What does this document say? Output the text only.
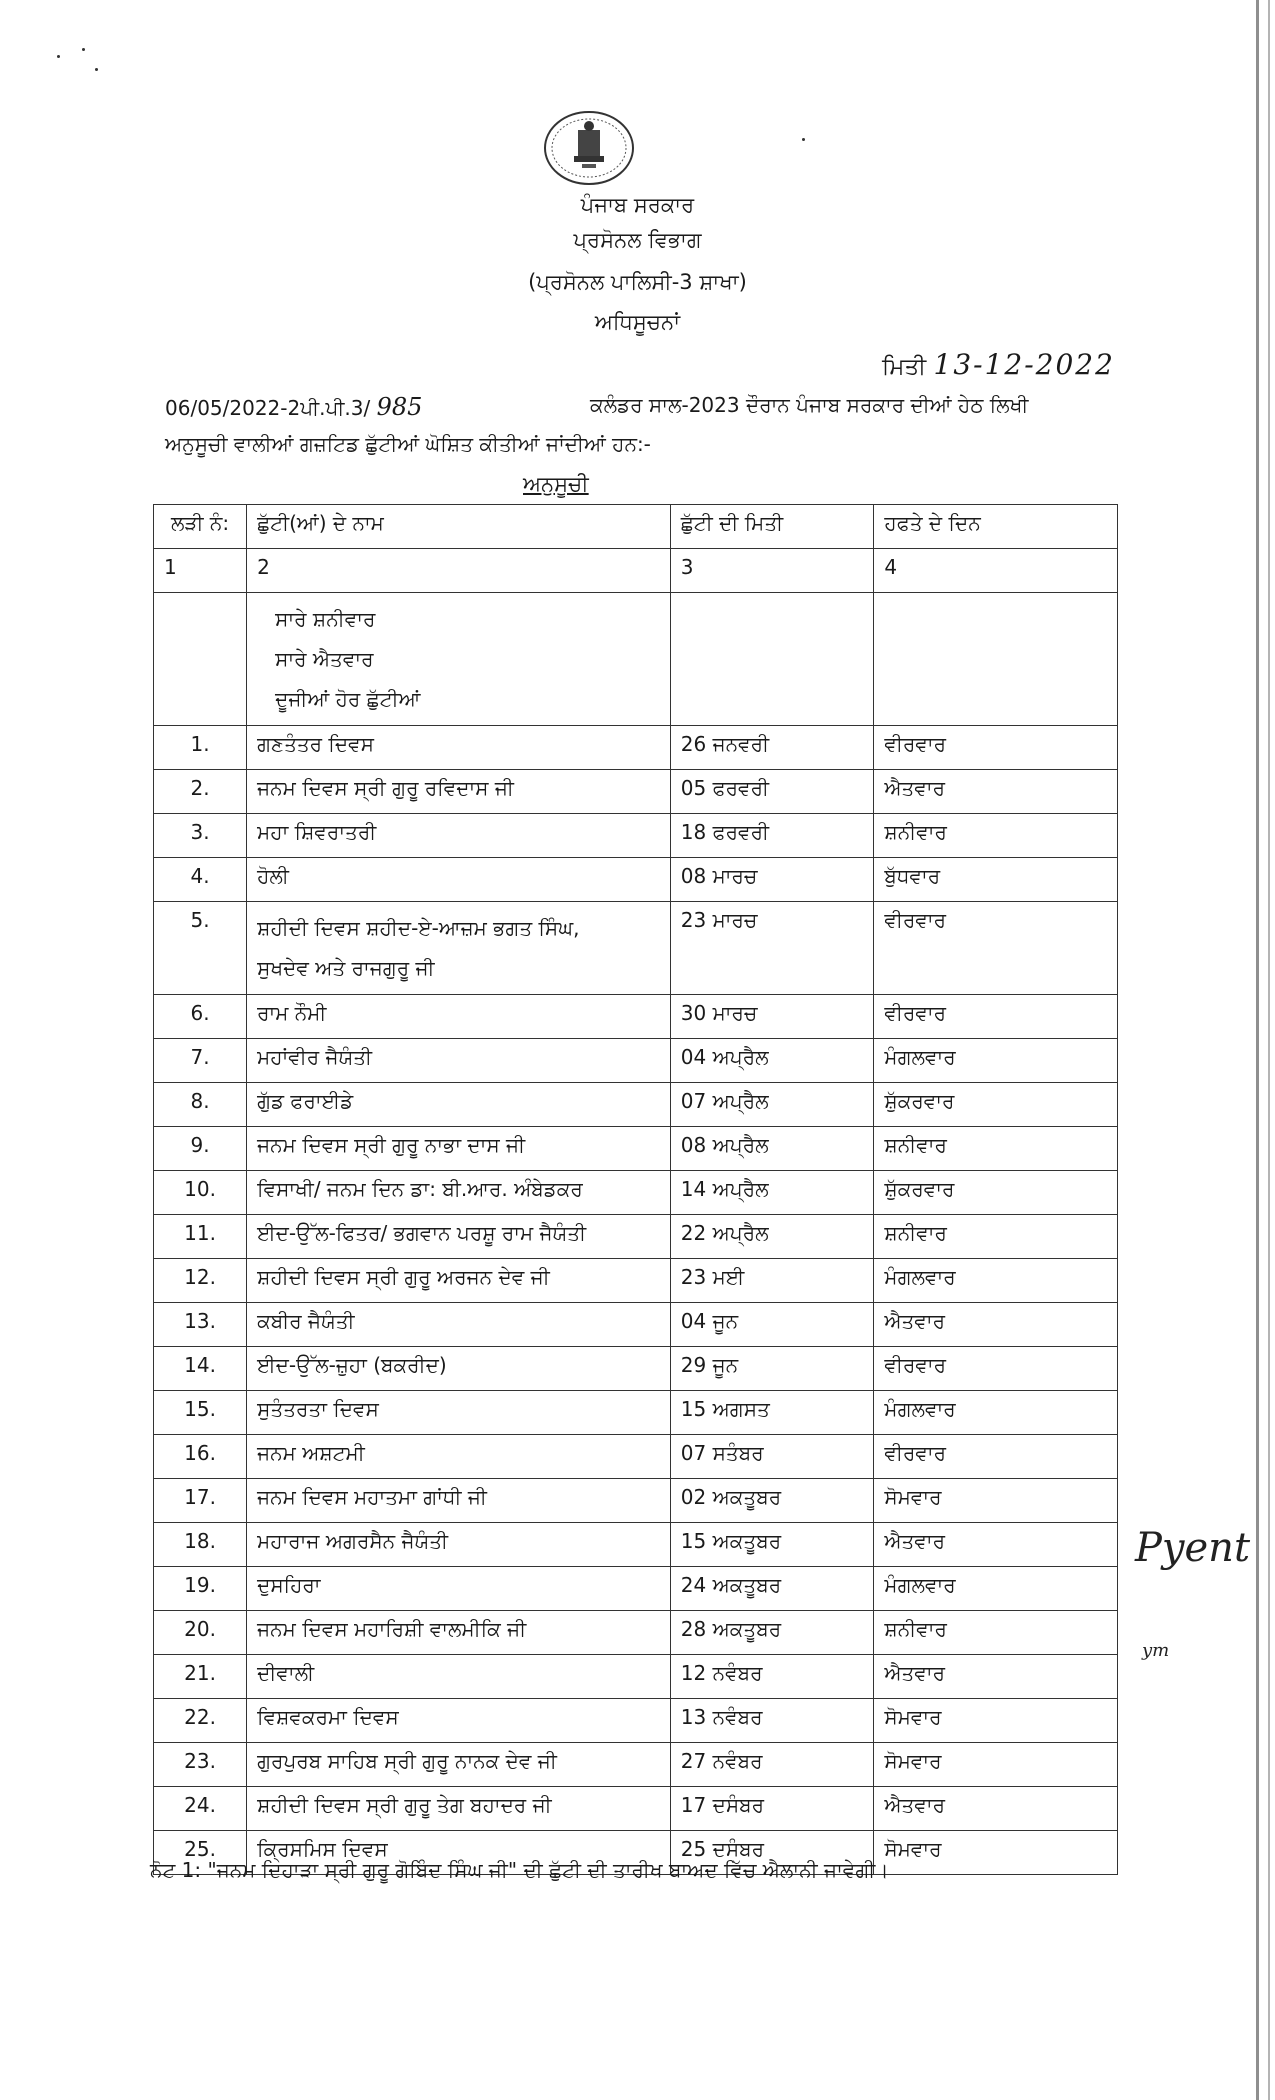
ਪੰਜਾਬ ਸਰਕਾਰ
ਪ੍ਰਸੋਨਲ ਵਿਭਾਗ
(ਪ੍ਰਸੋਨਲ ਪਾਲਿਸੀ-3 ਸ਼ਾਖਾ)
ਅਧਿਸੂਚਨਾਂ
ਮਿਤੀ 13-12-2022
06/05/2022-2ਪੀ.ਪੀ.3/ 985	ਕਲੰਡਰ ਸਾਲ-2023 ਦੌਰਾਨ ਪੰਜਾਬ ਸਰਕਾਰ ਦੀਆਂ ਹੇਠ ਲਿਖੀ
ਅਨੁਸੂਚੀ ਵਾਲੀਆਂ ਗਜ਼ਟਿਡ ਛੁੱਟੀਆਂ ਘੋਸ਼ਿਤ ਕੀਤੀਆਂ ਜਾਂਦੀਆਂ ਹਨ:-
ਅਨੁਸੂਚੀ
ਲੜੀ ਨੰ:	ਛੁੱਟੀ(ਆਂ) ਦੇ ਨਾਮ	ਛੁੱਟੀ ਦੀ ਮਿਤੀ	ਹਫਤੇ ਦੇ ਦਿਨ
1	2	3	4

	ਸਾਰੇ ਸ਼ਨੀਵਾਰ
ਸਾਰੇ ਐਤਵਾਰ
ਦੂਜੀਆਂ ਹੋਰ ਛੁੱਟੀਆਂ		

1.	ਗਣਤੰਤਰ ਦਿਵਸ	26 ਜਨਵਰੀ	ਵੀਰਵਾਰ
2.	ਜਨਮ ਦਿਵਸ ਸ੍ਰੀ ਗੁਰੂ ਰਵਿਦਾਸ ਜੀ	05 ਫਰਵਰੀ	ਐਤਵਾਰ
3.	ਮਹਾ ਸ਼ਿਵਰਾਤਰੀ	18 ਫਰਵਰੀ	ਸ਼ਨੀਵਾਰ
4.	ਹੋਲੀ	08 ਮਾਰਚ	ਬੁੱਧਵਾਰ
5.	ਸ਼ਹੀਦੀ ਦਿਵਸ ਸ਼ਹੀਦ-ਏ-ਆਜ਼ਮ ਭਗਤ ਸਿੰਘ,
ਸੁਖਦੇਵ ਅਤੇ ਰਾਜਗੁਰੂ ਜੀ	23 ਮਾਰਚ	ਵੀਰਵਾਰ
6.	ਰਾਮ ਨੌਮੀ	30 ਮਾਰਚ	ਵੀਰਵਾਰ
7.	ਮਹਾਂਵੀਰ ਜੈਯੰਤੀ	04 ਅਪ੍ਰੈਲ	ਮੰਗਲਵਾਰ
8.	ਗੁੱਡ ਫਰਾਈਡੇ	07 ਅਪ੍ਰੈਲ	ਸ਼ੁੱਕਰਵਾਰ
9.	ਜਨਮ ਦਿਵਸ ਸ੍ਰੀ ਗੁਰੂ ਨਾਭਾ ਦਾਸ ਜੀ	08 ਅਪ੍ਰੈਲ	ਸ਼ਨੀਵਾਰ
10.	ਵਿਸਾਖੀ/ ਜਨਮ ਦਿਨ ਡਾ: ਬੀ.ਆਰ. ਅੰਬੇਡਕਰ	14 ਅਪ੍ਰੈਲ	ਸ਼ੁੱਕਰਵਾਰ
11.	ਈਦ-ਉੱਲ-ਫਿਤਰ/ ਭਗਵਾਨ ਪਰਸ਼ੂ ਰਾਮ ਜੈਯੰਤੀ	22 ਅਪ੍ਰੈਲ	ਸ਼ਨੀਵਾਰ
12.	ਸ਼ਹੀਦੀ ਦਿਵਸ ਸ੍ਰੀ ਗੁਰੂ ਅਰਜਨ ਦੇਵ ਜੀ	23 ਮਈ	ਮੰਗਲਵਾਰ
13.	ਕਬੀਰ ਜੈਯੰਤੀ	04 ਜੂਨ	ਐਤਵਾਰ
14.	ਈਦ-ਉੱਲ-ਜ਼ੁਹਾ (ਬਕਰੀਦ)	29 ਜੂਨ	ਵੀਰਵਾਰ
15.	ਸੁਤੰਤਰਤਾ ਦਿਵਸ	15 ਅਗਸਤ	ਮੰਗਲਵਾਰ
16.	ਜਨਮ ਅਸ਼ਟਮੀ	07 ਸਤੰਬਰ	ਵੀਰਵਾਰ
17.	ਜਨਮ ਦਿਵਸ ਮਹਾਤਮਾ ਗਾਂਧੀ ਜੀ	02 ਅਕਤੂਬਰ	ਸੋਮਵਾਰ
18.	ਮਹਾਰਾਜ ਅਗਰਸੈਨ ਜੈਯੰਤੀ	15 ਅਕਤੂਬਰ	ਐਤਵਾਰ
19.	ਦੁਸਹਿਰਾ	24 ਅਕਤੂਬਰ	ਮੰਗਲਵਾਰ
20.	ਜਨਮ ਦਿਵਸ ਮਹਾਰਿਸ਼ੀ ਵਾਲਮੀਕਿ ਜੀ	28 ਅਕਤੂਬਰ	ਸ਼ਨੀਵਾਰ
21.	ਦੀਵਾਲੀ	12 ਨਵੰਬਰ	ਐਤਵਾਰ
22.	ਵਿਸ਼ਵਕਰਮਾ ਦਿਵਸ	13 ਨਵੰਬਰ	ਸੋਮਵਾਰ
23.	ਗੁਰਪੁਰਬ ਸਾਹਿਬ ਸ੍ਰੀ ਗੁਰੂ ਨਾਨਕ ਦੇਵ ਜੀ	27 ਨਵੰਬਰ	ਸੋਮਵਾਰ
24.	ਸ਼ਹੀਦੀ ਦਿਵਸ ਸ੍ਰੀ ਗੁਰੂ ਤੇਗ ਬਹਾਦਰ ਜੀ	17 ਦਸੰਬਰ	ਐਤਵਾਰ
25.	ਕ੍ਰਿਸਮਿਸ ਦਿਵਸ	25 ਦਸੰਬਰ	ਸੋਮਵਾਰ
ਨੋਟ 1: "ਜਨਮ ਦਿਹਾੜਾ ਸ੍ਰੀ ਗੁਰੂ ਗੋਬਿੰਦ ਸਿੰਘ ਜੀ" ਦੀ ਛੁੱਟੀ ਦੀ ਤਾਰੀਖ ਬਾਅਦ ਵਿੱਚ ਐਲਾਨੀ ਜਾਵੇਗੀ।
Pyent
ym
